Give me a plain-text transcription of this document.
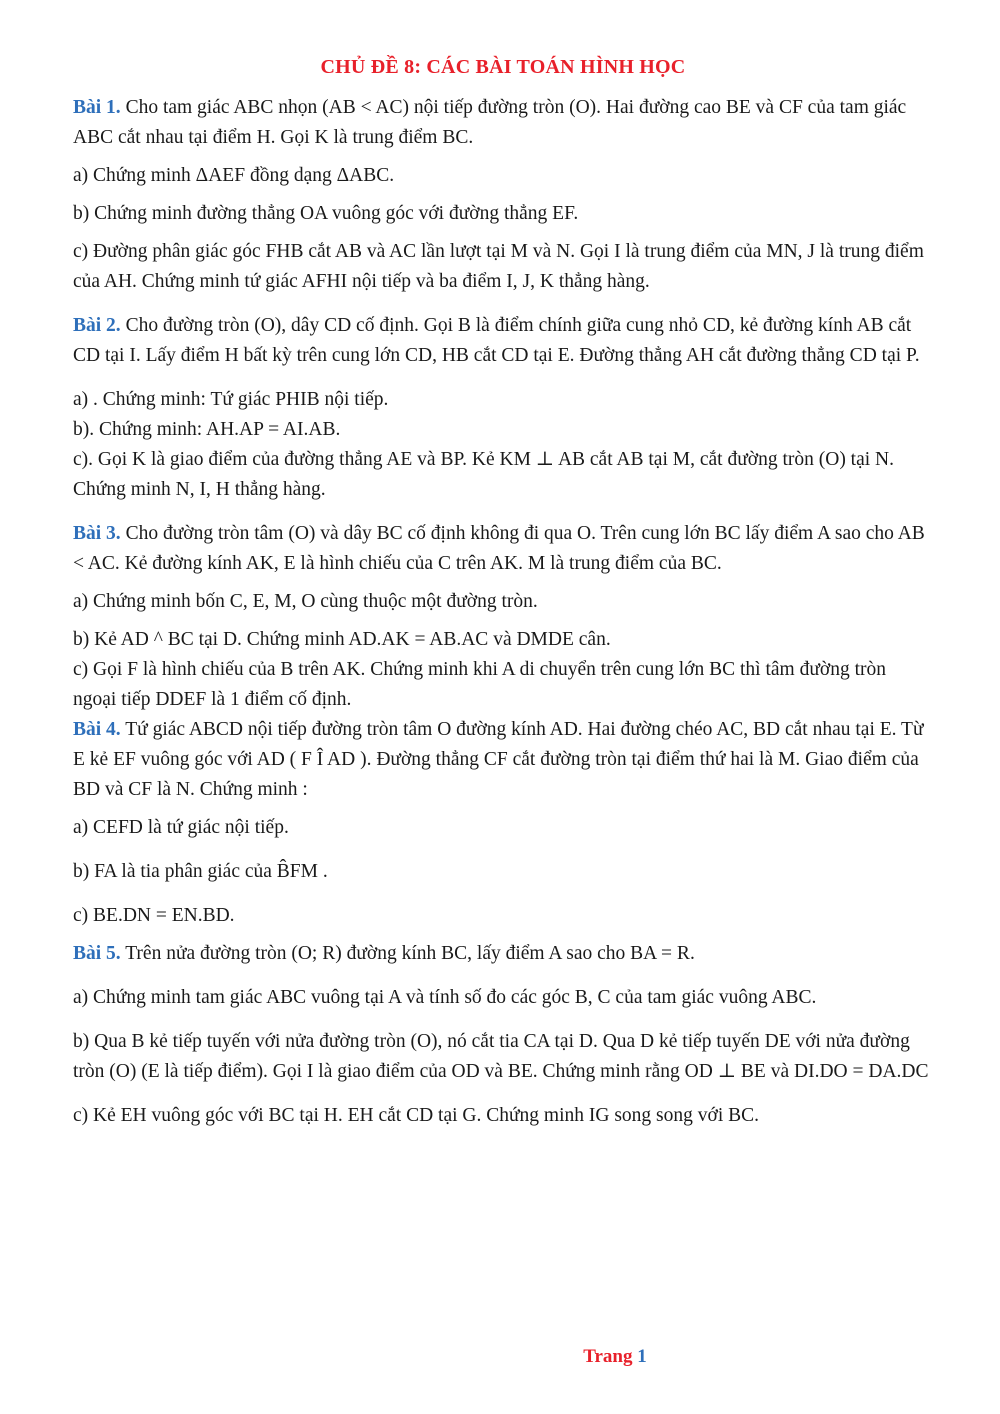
CHỦ ĐỀ 8: CÁC BÀI TOÁN HÌNH HỌC

Bài 1. Cho tam giác ABC nhọn (AB < AC) nội tiếp đường tròn (O). Hai đường cao BE và CF của tam giác ABC cắt nhau tại điểm H. Gọi K là trung điểm BC.

a) Chứng minh ΔAEF đồng dạng ΔABC.

b) Chứng minh đường thẳng OA vuông góc với đường thẳng EF.

c) Đường phân giác góc FHB cắt AB và AC lần lượt tại M và N. Gọi I là trung điểm của MN, J là trung điểm của AH. Chứng minh tứ giác AFHI nội tiếp và ba điểm I, J, K thẳng hàng.

Bài 2. Cho đường tròn (O), dây CD cố định. Gọi B là điểm chính giữa cung nhỏ CD, kẻ đường kính AB cắt CD tại I. Lấy điểm H bất kỳ trên cung lớn CD, HB cắt CD tại E. Đường thẳng AH cắt đường thẳng CD tại P.

a) . Chứng minh: Tứ giác PHIB nội tiếp.

b). Chứng minh: AH.AP = AI.AB.

c). Gọi K là giao điểm của đường thẳng AE và BP. Kẻ KM ⊥ AB cắt AB tại M, cắt đường tròn (O) tại N. Chứng minh N, I, H thẳng hàng.

Bài 3. Cho đường tròn tâm (O) và dây BC cố định không đi qua O. Trên cung lớn BC lấy điểm A sao cho AB < AC. Kẻ đường kính AK, E là hình chiếu của C trên AK. M là trung điểm của BC.

a) Chứng minh bốn C, E, M, O cùng thuộc một đường tròn.

b) Kẻ AD ^ BC tại D. Chứng minh AD.AK = AB.AC và DMDE cân.

c) Gọi F là hình chiếu của B trên AK. Chứng minh khi A di chuyển trên cung lớn BC thì tâm đường tròn ngoại tiếp DDEF là 1 điểm cố định.

Bài 4. Tứ giác ABCD nội tiếp đường tròn tâm O đường kính AD. Hai đường chéo AC, BD cắt nhau tại E. Từ E kẻ EF vuông góc với AD ( F Î AD ). Đường thẳng CF cắt đường tròn tại điểm thứ hai là M. Giao điểm của BD và CF là N. Chứng minh :

a) CEFD là tứ giác nội tiếp.

b) FA là tia phân giác của B̂FM .

c) BE.DN = EN.BD.

Bài 5. Trên nửa đường tròn (O; R) đường kính BC, lấy điểm A sao cho BA = R.

a) Chứng minh tam giác ABC vuông tại A và tính số đo các góc B, C của tam giác vuông ABC.

b) Qua B kẻ tiếp tuyến với nửa đường tròn (O), nó cắt tia CA tại D. Qua D kẻ tiếp tuyến DE với nửa đường tròn (O) (E là tiếp điểm). Gọi I là giao điểm của OD và BE. Chứng minh rằng OD ⊥ BE và DI.DO = DA.DC

c) Kẻ EH vuông góc với BC tại H. EH cắt CD tại G. Chứng minh IG song song với BC.

Trang 1
